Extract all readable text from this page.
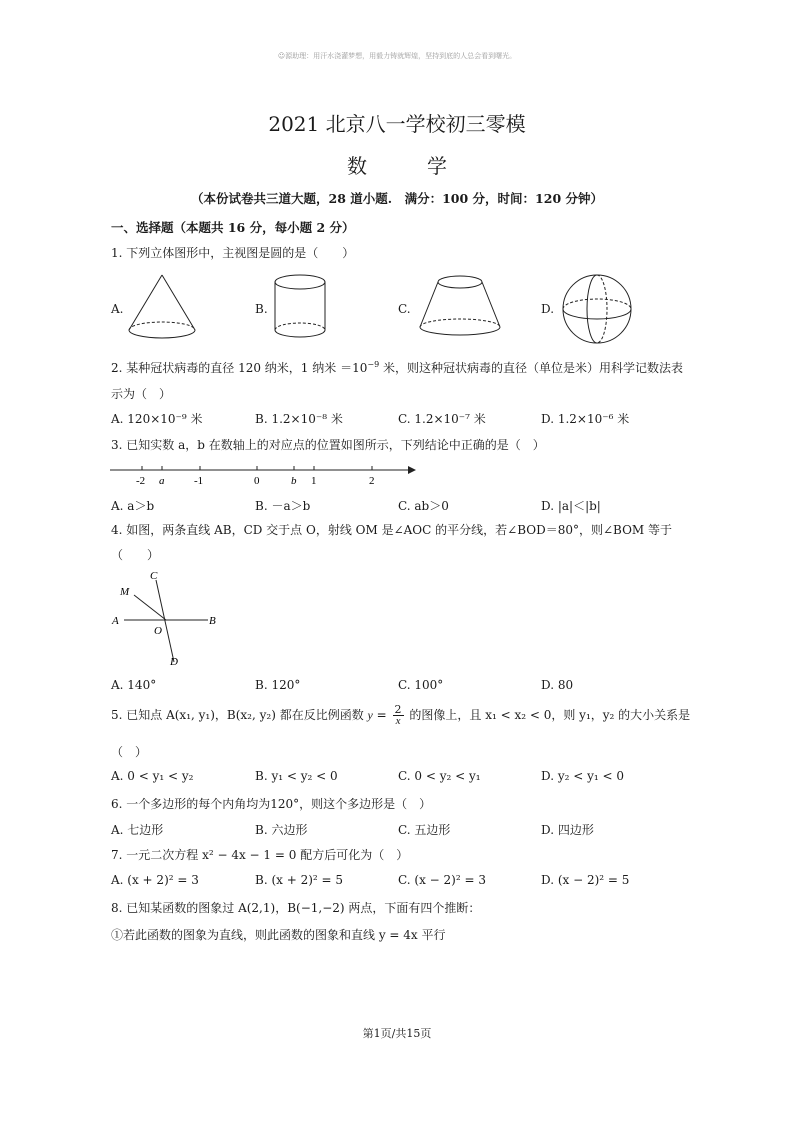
☺源助理：用汗水浇灌梦想，用毅力铸就辉煌，坚持到底的人总会看到曙光。
2021 北京八一学校初三零模
数　学
（本份试卷共三道大题，28 道小题.　满分：100 分，时间：120 分钟）
一、选择题（本题共 16 分，每小题 2 分）
1. 下列立体图形中，主视图是圆的是（　　）
A.	B.	C.	D.
2. 某种冠状病毒的直径 120 纳米，1 纳米 $=10^{-9}$ 米，则这种冠状病毒的直径（单位是米）用科学记数法表
示为（　）
A. 120×10⁻⁹ 米	B. 1.2×10⁻⁸ 米	C. 1.2×10⁻⁷ 米	D. 1.2×10⁻⁶ 米
3. 已知实数 a，b 在数轴上的对应点的位置如图所示，下列结论中正确的是（　）
-2 a	-1	0	b 1	2
A. a＞b	B. －a＞b	C. ab＞0	D. |a|＜|b|
4. 如图，两条直线 AB，CD 交于点 O，射线 OM 是∠AOC 的平分线，若∠BOD＝80°，则∠BOM 等于
（　　）
A	B
C
D
M
O
A. 140°	B. 120°	C. 100°	D. 80
5. 已知点 A(x₁, y₁)，B(x₂, y₂) 都在反比例函数 $y = \frac{2}{x}$ 的图像上，且 x₁ < x₂ < 0，则 y₁，y₂ 的大小关系是
（　）
A. 0 < y₁ < y₂	B. y₁ < y₂ < 0	C. 0 < y₂ < y₁	D. y₂ < y₁ < 0
6. 一个多边形的每个内角均为120°，则这个多边形是（　）
A. 七边形	B. 六边形	C. 五边形	D. 四边形
7. 一元二次方程 x² − 4x − 1 = 0 配方后可化为（　）
A. (x + 2)² = 3	B. (x + 2)² = 5	C. (x − 2)² = 3	D. (x − 2)² = 5
8. 已知某函数的图象过 A(2,1)，B(−1,−2) 两点，下面有四个推断：
①若此函数的图象为直线，则此函数的图象和直线 y = 4x 平行
第1页/共15页
